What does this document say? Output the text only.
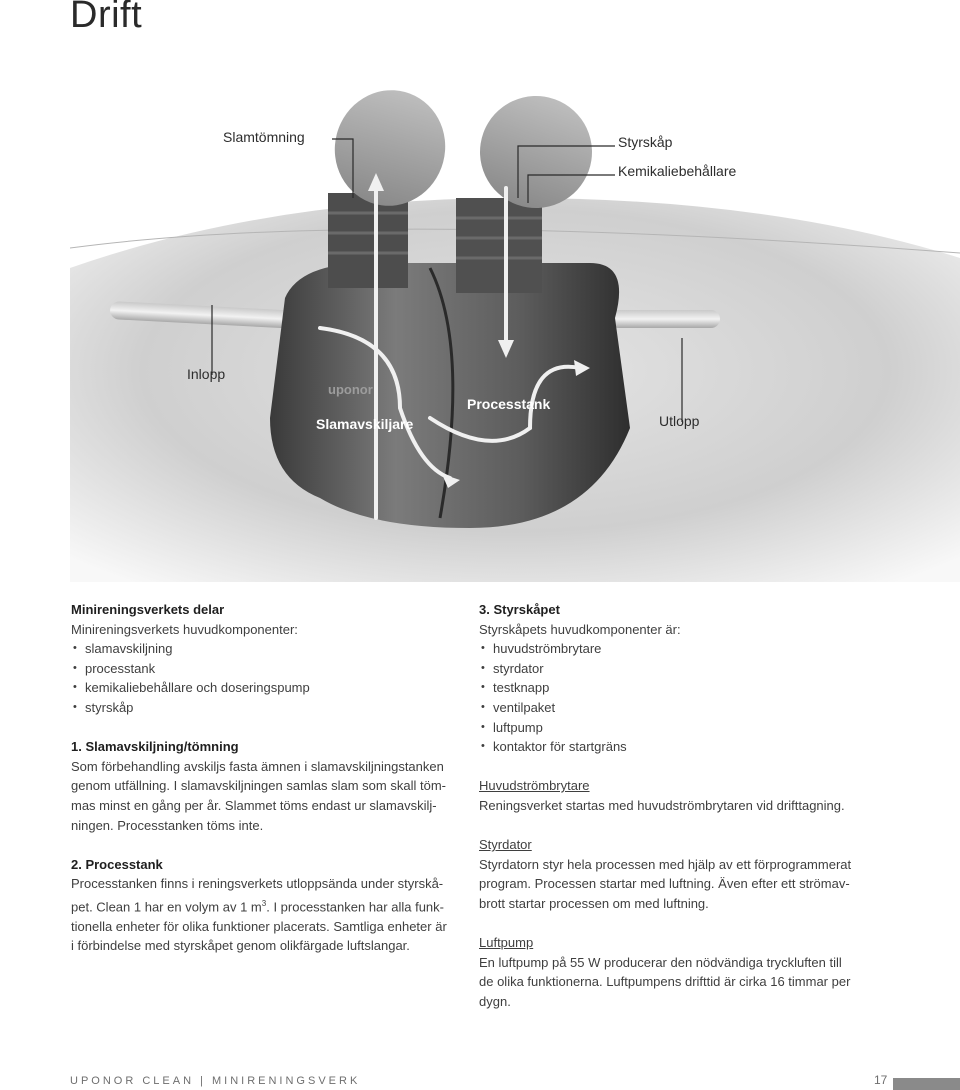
Drift
uponor
Slamtömning	Styrskåp
Kemikaliebehållare
Inlopp
Slamavskiljare
Processtank
Utlopp

Minireningsverkets delar

Minireningsverkets huvudkomponenter:

• slamavskiljning
• processtank
• kemikaliebehållare och doseringspump
• styrskåp

1. Slamavskiljning/tömning

Som förbehandling avskiljs fasta ämnen i slamavskiljningstanken

genom utfällning. I slamavskiljningen samlas slam som skall töm-

mas minst en gång per år. Slammet töms endast ur slamavskilj-

ningen. Processtanken töms inte.

2. Processtank

Processtanken finns i reningsverkets utloppsända under styrskå-

pet. Clean 1 har en volym av 1 $m^3$. I processtanken har alla funk-

tionella enheter för olika funktioner placerats. Samtliga enheter är

i förbindelse med styrskåpet genom olikfärgade luftslangar.

3. Styrskåpet

Styrskåpets huvudkomponenter är:

• huvudströmbrytare
• styrdator
• testknapp
• ventilpaket
• luftpump
• kontaktor för startgräns

Huvudströmbrytare

Reningsverket startas med huvudströmbrytaren vid drifttagning.

Styrdator

Styrdatorn styr hela processen med hjälp av ett förprogrammerat

program. Processen startar med luftning. Även efter ett strömav-

brott startar processen om med luftning.

Luftpump

En luftpump på 55 W producerar den nödvändiga tryckluften till

de olika funktionerna. Luftpumpens drifttid är cirka 16 timmar per

dygn.

UPONOR CLEAN | MINIRENINGSVERK	17
